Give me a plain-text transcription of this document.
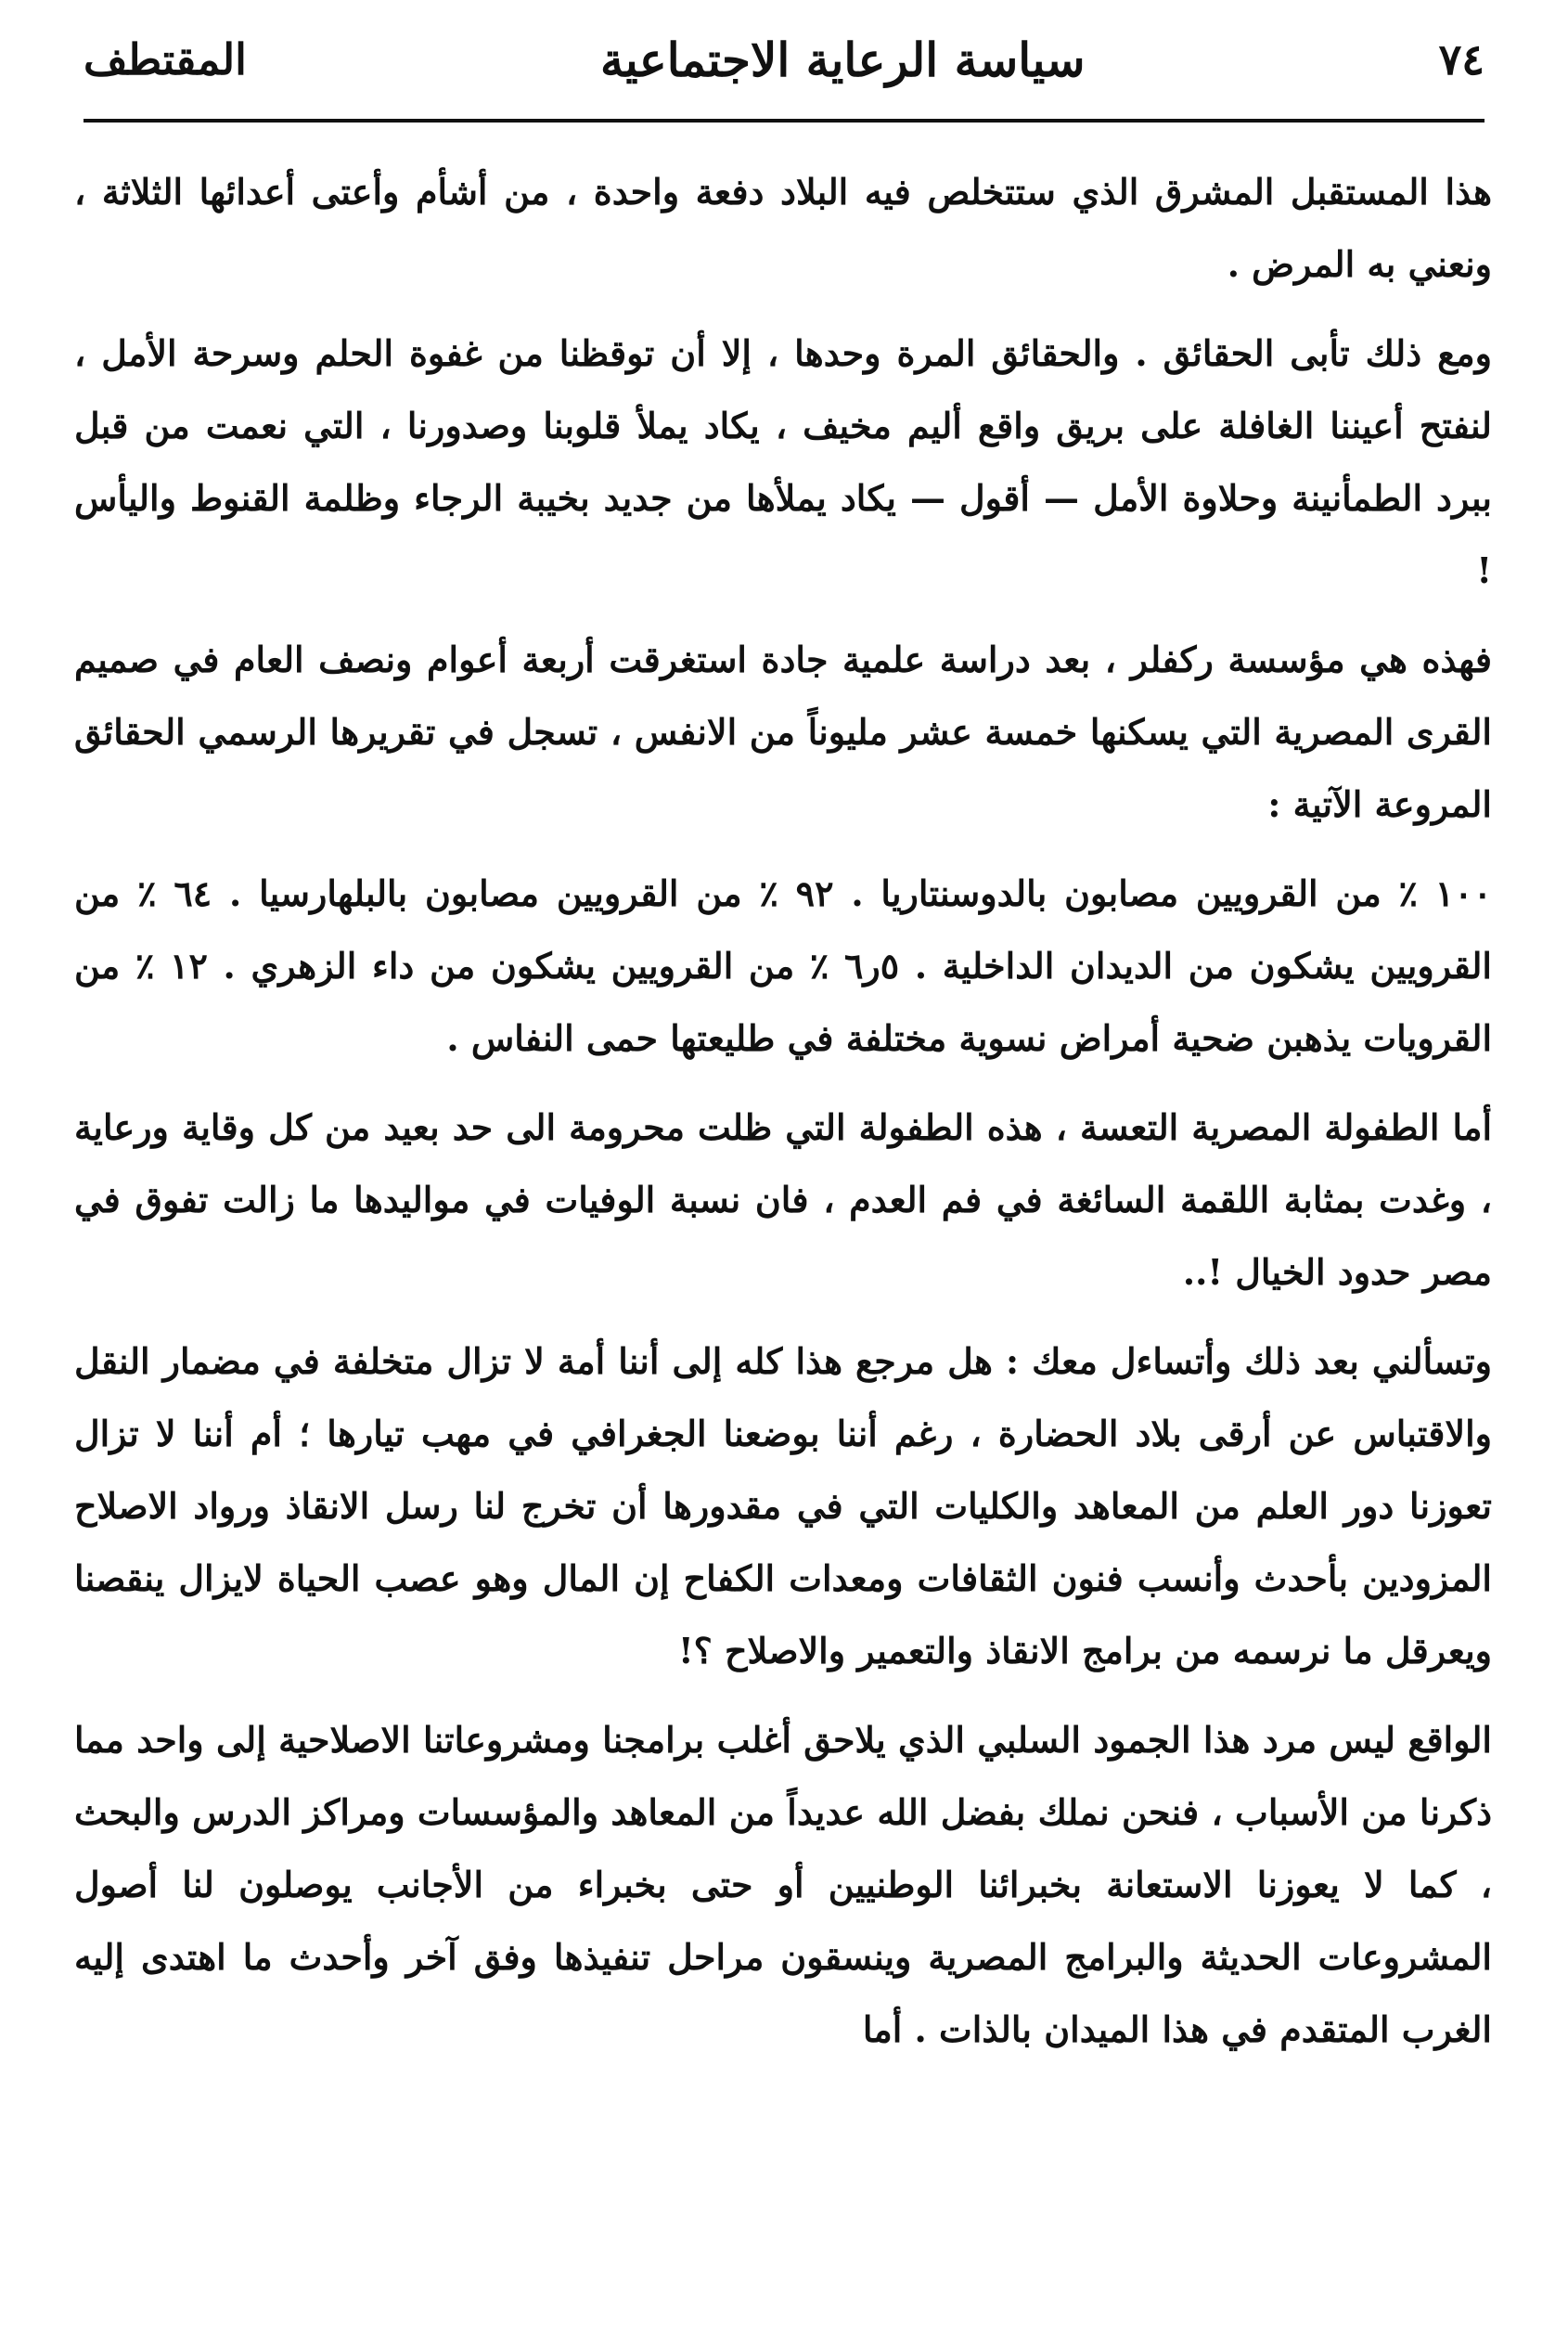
٧٤
سياسة الرعاية الاجتماعية
المقتطف

هذا المستقبل المشرق الذي ستتخلص فيه البلاد دفعة واحدة ، من أشأم وأعتى أعدائها الثلاثة ، ونعني به المرض .

ومع ذلك تأبى الحقائق . والحقائق المرة وحدها ، إلا أن توقظنا من غفوة الحلم وسرحة الأمل ، لنفتح أعيننا الغافلة على بريق واقع أليم مخيف ، يكاد يملأ قلوبنا وصدورنا ، التي نعمت من قبل ببرد الطمأنينة وحلاوة الأمل — أقول — يكاد يملأها من جديد بخيبة الرجاء وظلمة القنوط واليأس !

فهذه هي مؤسسة ركفلر ، بعد دراسة علمية جادة استغرقت أربعة أعوام ونصف العام في صميم القرى المصرية التي يسكنها خمسة عشر مليوناً من الانفس ، تسجل في تقريرها الرسمي الحقائق المروعة الآتية :

١٠٠ ٪ من القرويين مصابون بالدوسنتاريا . ٩٢ ٪ من القرويين مصابون بالبلهارسيا . ٦٤ ٪ من القرويين يشكون من الديدان الداخلية . ٥ر٦ ٪ من القرويين يشكون من داء الزهري . ١٢ ٪ من القرويات يذهبن ضحية أمراض نسوية مختلفة في طليعتها حمى النفاس .

أما الطفولة المصرية التعسة ، هذه الطفولة التي ظلت محرومة الى حد بعيد من كل وقاية ورعاية ، وغدت بمثابة اللقمة السائغة في فم العدم ، فان نسبة الوفيات في مواليدها ما زالت تفوق في مصر حدود الخيال !..

وتسألني بعد ذلك وأتساءل معك : هل مرجع هذا كله إلى أننا أمة لا تزال متخلفة في مضمار النقل والاقتباس عن أرقى بلاد الحضارة ، رغم أننا بوضعنا الجغرافي في مهب تيارها ؛ أم أننا لا تزال تعوزنا دور العلم من المعاهد والكليات التي في مقدورها أن تخرج لنا رسل الانقاذ ورواد الاصلاح المزودين بأحدث وأنسب فنون الثقافات ومعدات الكفاح إن المال وهو عصب الحياة لايزال ينقصنا ويعرقل ما نرسمه من برامج الانقاذ والتعمير والاصلاح ؟!

الواقع ليس مرد هذا الجمود السلبي الذي يلاحق أغلب برامجنا ومشروعاتنا الاصلاحية إلى واحد مما ذكرنا من الأسباب ، فنحن نملك بفضل الله عديداً من المعاهد والمؤسسات ومراكز الدرس والبحث ، كما لا يعوزنا الاستعانة بخبرائنا الوطنيين أو حتى بخبراء من الأجانب يوصلون لنا أصول المشروعات الحديثة والبرامج المصرية وينسقون مراحل تنفيذها وفق آخر وأحدث ما اهتدى إليه الغرب المتقدم في هذا الميدان بالذات . أما
